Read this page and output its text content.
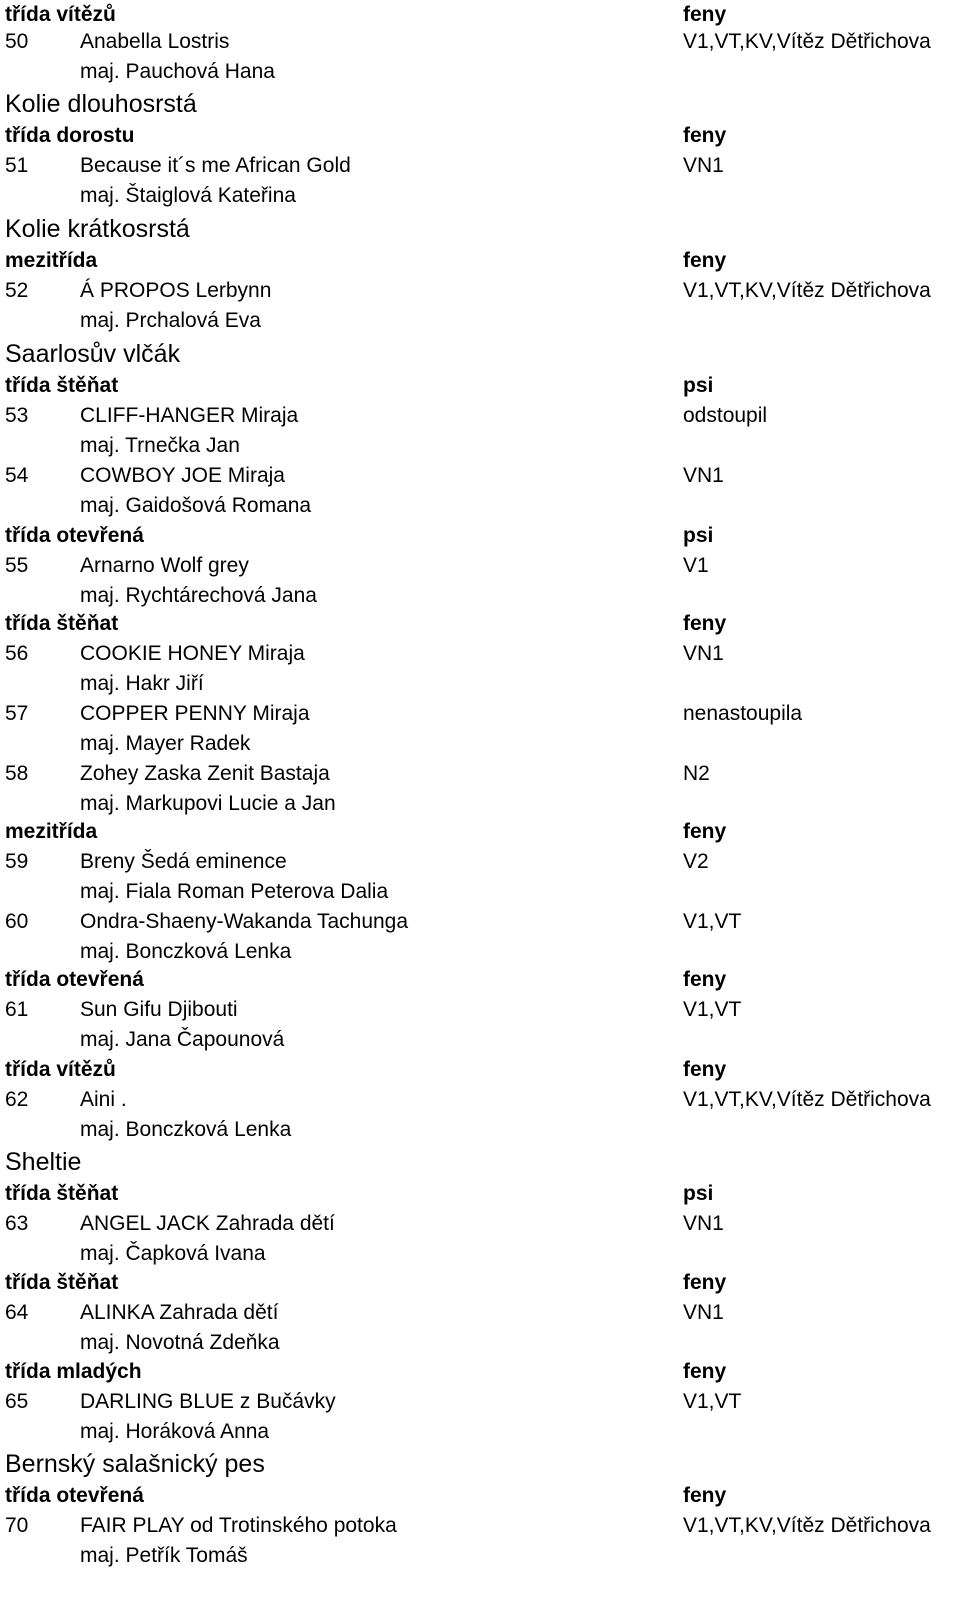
třída vítězů	feny
50 Anabella Lostris	V1,VT,KV,Vítěz Dětřichova
maj. Pauchová Hana
Kolie dlouhosrstá
třída dorostu	feny
51 Because it´s me African Gold	VN1
maj. Štaiglová Kateřina
Kolie krátkosrstá
mezitřída	feny
52 Á PROPOS Lerbynn	V1,VT,KV,Vítěz Dětřichova
maj. Prchalová Eva
Saarlosův vlčák
třída štěňat	psi
53 CLIFF-HANGER Miraja	odstoupil
maj. Trnečka Jan
54 COWBOY JOE Miraja	VN1
maj. Gaidošová Romana
třída otevřená	psi
55 Arnarno Wolf grey	V1
maj. Rychtárechová Jana
třída štěňat	feny
56 COOKIE HONEY Miraja	VN1
maj. Hakr Jiří
57 COPPER PENNY Miraja	nenastoupila
maj. Mayer Radek
58 Zohey Zaska Zenit Bastaja	N2
maj. Markupovi Lucie a Jan
mezitřída	feny
59 Breny Šedá eminence	V2
maj. Fiala Roman Peterova Dalia
60 Ondra-Shaeny-Wakanda Tachunga	V1,VT
maj. Bonczková Lenka
třída otevřená	feny
61 Sun Gifu Djibouti	V1,VT
maj. Jana Čapounová
třída vítězů	feny
62 Aini .	V1,VT,KV,Vítěz Dětřichova
maj. Bonczková Lenka
Sheltie
třída štěňat	psi
63 ANGEL JACK Zahrada dětí	VN1
maj. Čapková Ivana
třída štěňat	feny
64 ALINKA Zahrada dětí	VN1
maj. Novotná Zdeňka
třída mladých	feny
65 DARLING BLUE z Bučávky	V1,VT
maj. Horáková Anna
Bernský salašnický pes
třída otevřená	feny
70 FAIR PLAY od Trotinského potoka	V1,VT,KV,Vítěz Dětřichova
maj. Petřík Tomáš
